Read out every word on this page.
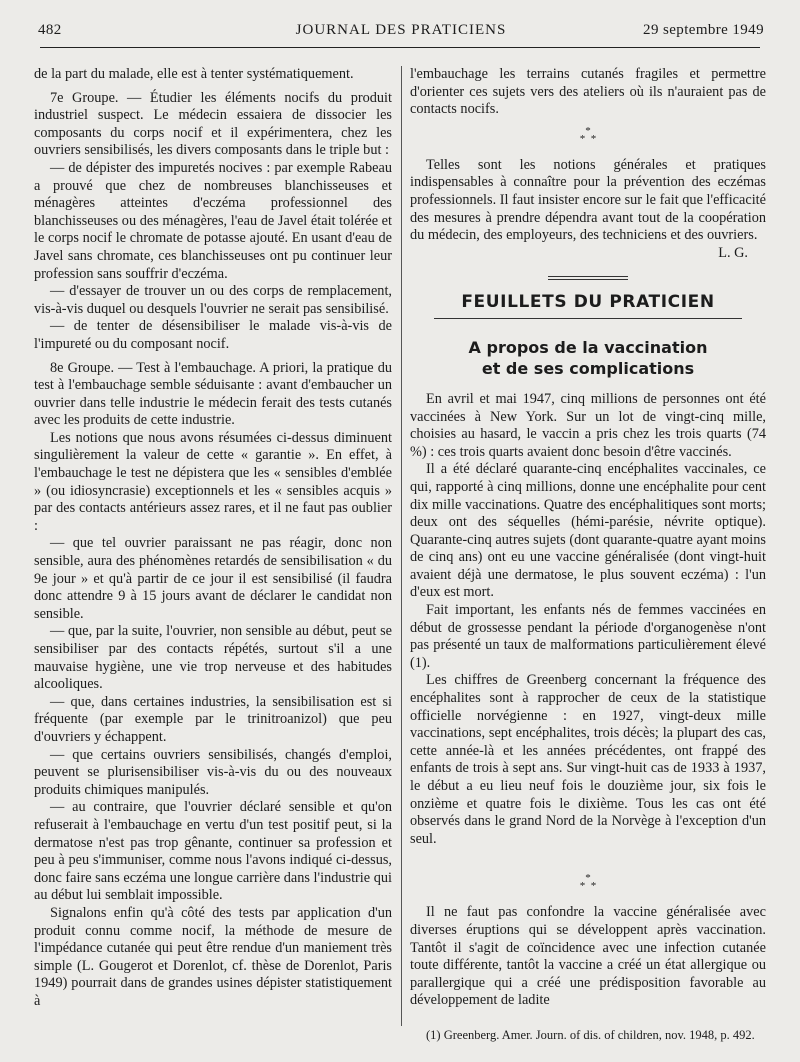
482	JOURNAL DES PRATICIENS	29 septembre 1949

de la part du malade, elle est à tenter systématiquement.

7e Groupe. — Étudier les éléments nocifs du produit industriel suspect. Le médecin essaiera de dissocier les composants du corps nocif et il expérimentera, chez les ouvriers sensibilisés, les divers composants dans le triple but :

— de dépister des impuretés nocives : par exemple Rabeau a prouvé que chez de nombreuses blanchisseuses et ménagères atteintes d'eczéma professionnel des blanchisseuses ou des ménagères, l'eau de Javel était tolérée et le corps nocif le chromate de potasse ajouté. En usant d'eau de Javel sans chromate, ces blanchisseuses ont pu continuer leur profession sans souffrir d'eczéma.

— d'essayer de trouver un ou des corps de remplacement, vis-à-vis duquel ou desquels l'ouvrier ne serait pas sensibilisé.

— de tenter de désensibiliser le malade vis-à-vis de l'impureté ou du composant nocif.

8e Groupe. — Test à l'embauchage. A priori, la pratique du test à l'embauchage semble séduisante : avant d'embaucher un ouvrier dans telle industrie le médecin ferait des tests cutanés avec les produits de cette industrie.

Les notions que nous avons résumées ci-dessus diminuent singulièrement la valeur de cette « garantie ». En effet, à l'embauchage le test ne dépistera que les « sensibles d'emblée » (ou idiosyncrasie) exceptionnels et les « sensibles acquis » par des contacts antérieurs assez rares, et il ne faut pas oublier :

— que tel ouvrier paraissant ne pas réagir, donc non sensible, aura des phénomènes retardés de sensibilisation « du 9e jour » et qu'à partir de ce jour il est sensibilisé (il faudra donc attendre 9 à 15 jours avant de déclarer le candidat non sensible.

— que, par la suite, l'ouvrier, non sensible au début, peut se sensibiliser par des contacts répétés, surtout s'il a une mauvaise hygiène, une vie trop nerveuse et des habitudes alcooliques.

— que, dans certaines industries, la sensibilisation est si fréquente (par exemple par le trinitroanizol) que peu d'ouvriers y échappent.

— que certains ouvriers sensibilisés, changés d'emploi, peuvent se plurisensibiliser vis-à-vis du ou des nouveaux produits chimiques manipulés.

— au contraire, que l'ouvrier déclaré sensible et qu'on refuserait à l'embauchage en vertu d'un test positif peut, si la dermatose n'est pas trop gênante, continuer sa profession et peu à peu s'immuniser, comme nous l'avons indiqué ci-dessus, donc faire sans eczéma une longue carrière dans l'industrie qui au début lui semblait impossible.

Signalons enfin qu'à côté des tests par application d'un produit connu comme nocif, la méthode de mesure de l'impédance cutanée qui peut être rendue d'un maniement très simple (L. Gougerot et Dorenlot, cf. thèse de Dorenlot, Paris 1949) pourrait dans de grandes usines dépister statistiquement à

l'embauchage les terrains cutanés fragiles et permettre d'orienter ces sujets vers des ateliers où ils n'auraient pas de contacts nocifs.

*
* *

Telles sont les notions générales et pratiques indispensables à connaître pour la prévention des eczémas professionnels. Il faut insister encore sur le fait que l'efficacité des mesures à prendre dépendra avant tout de la coopération du médecin, des employeurs, des techniciens et des ouvriers.

L. G.
FEUILLETS DU PRATICIEN
A propos de la vaccination
et de ses complications

En avril et mai 1947, cinq millions de personnes ont été vaccinées à New York. Sur un lot de vingt-cinq mille, choisies au hasard, le vaccin a pris chez les trois quarts (74 %) : ces trois quarts avaient donc besoin d'être vaccinés.

Il a été déclaré quarante-cinq encéphalites vaccinales, ce qui, rapporté à cinq millions, donne une encéphalite pour cent dix mille vaccinations. Quatre des encéphalitiques sont morts; deux ont des séquelles (hémi-parésie, névrite optique). Quarante-cinq autres sujets (dont quarante-quatre ayant moins de cinq ans) ont eu une vaccine généralisée (dont vingt-huit avaient déjà une dermatose, le plus souvent eczéma) : l'un d'eux est mort.

Fait important, les enfants nés de femmes vaccinées en début de grossesse pendant la période d'organogenèse n'ont pas présenté un taux de malformations particulièrement élevé (1).

Les chiffres de Greenberg concernant la fréquence des encéphalites sont à rapprocher de ceux de la statistique officielle norvégienne : en 1927, vingt-deux mille vaccinations, sept encéphalites, trois décès; la plupart des cas, cette année-là et les années précédentes, ont frappé des enfants de trois à sept ans. Sur vingt-huit cas de 1933 à 1937, le début a eu lieu neuf fois le douzième jour, six fois le onzième et quatre fois le dixième. Tous les cas ont été observés dans le grand Nord de la Norvège à l'exception d'un seul.

*
* *

Il ne faut pas confondre la vaccine généralisée avec diverses éruptions qui se développent après vaccination. Tantôt il s'agit de coïncidence avec une infection cutanée toute différente, tantôt la vaccine a créé un état allergique ou parallergique qui a créé une prédisposition favorable au développement de ladite

(1) Greenberg. Amer. Journ. of dis. of children, nov. 1948, p. 492.
